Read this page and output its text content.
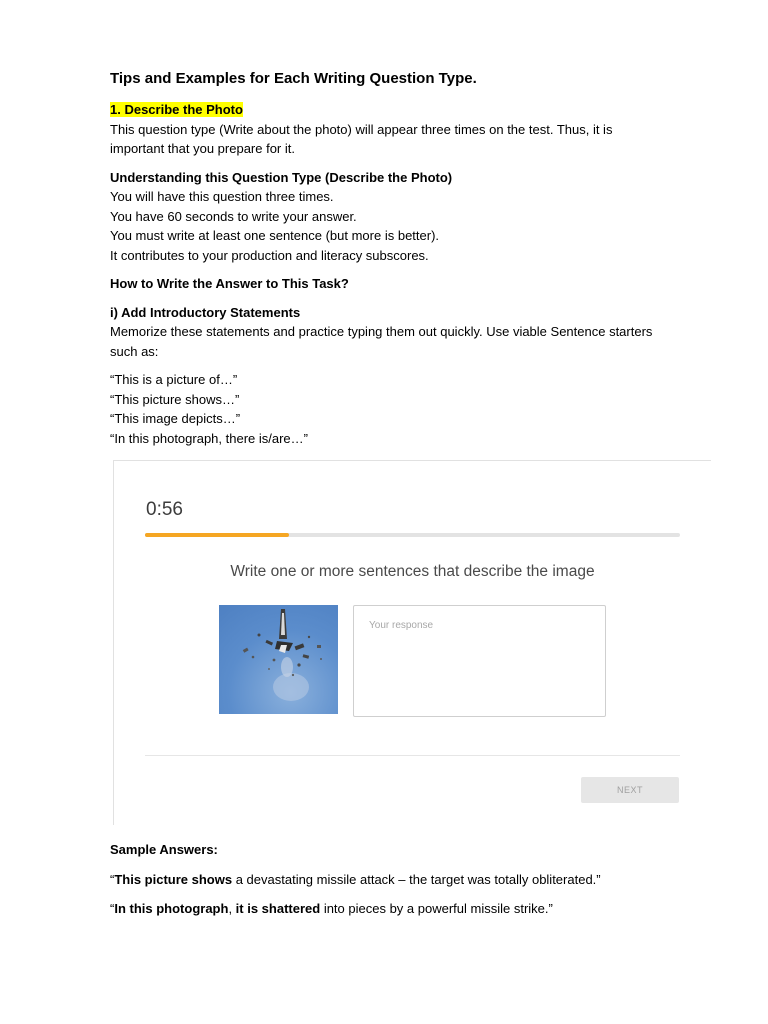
Tips and Examples for Each Writing Question Type.

1. Describe the Photo

This question type (Write about the photo) will appear three times on the test. Thus, it is

important that you prepare for it.

Understanding this Question Type (Describe the Photo)

You will have this question three times.

You have 60 seconds to write your answer.

You must write at least one sentence (but more is better).

It contributes to your production and literacy subscores.

How to Write the Answer to This Task?

i) Add Introductory Statements

Memorize these statements and practice typing them out quickly. Use viable Sentence starters

such as:

“This is a picture of…”

“This picture shows…”

“This image depicts…”

“In this photograph, there is/are…”

0:56
Write one or more sentences that describe the image
Your response
NEXT

Sample Answers:

“This picture shows a devastating missile attack – the target was totally obliterated.”

“In this photograph, it is shattered into pieces by a powerful missile strike.”
